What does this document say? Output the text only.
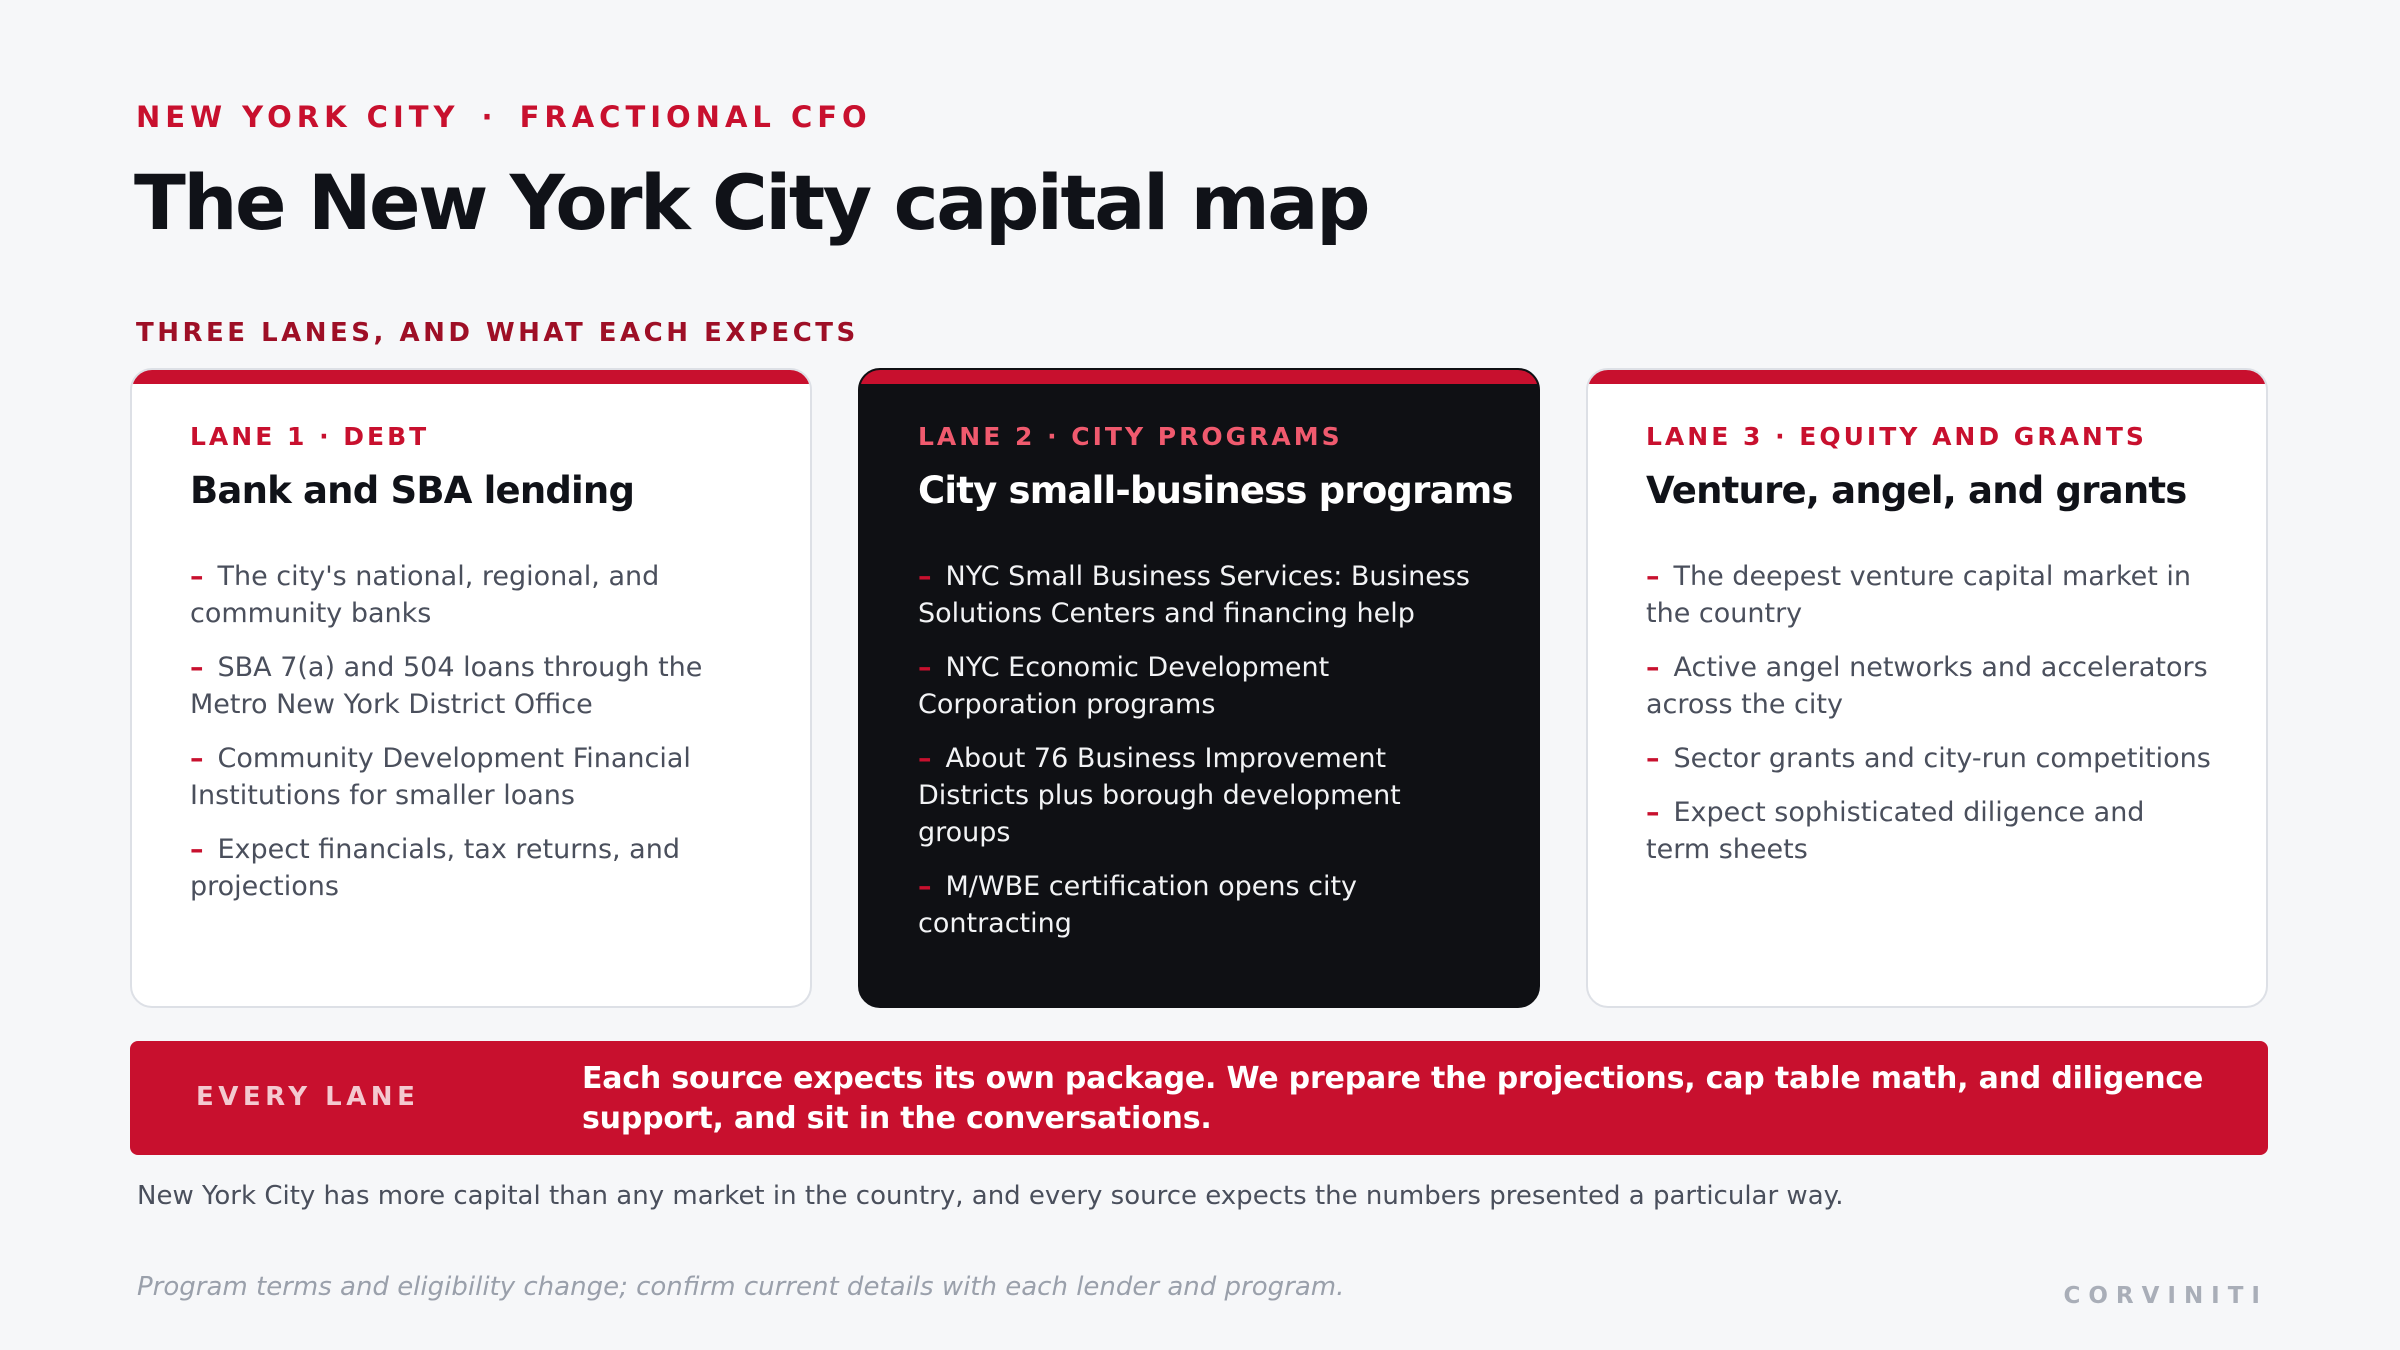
NEW YORK CITY · FRACTIONAL CFO
The New York City capital map
THREE LANES, AND WHAT EACH EXPECTS
LANE 1 · DEBT
Bank and SBA lending
– The city's national, regional, and community banks
– SBA 7(a) and 504 loans through the Metro New York District Office
– Community Development Financial Institutions for smaller loans
– Expect financials, tax returns, and projections
LANE 2 · CITY PROGRAMS
City small-business programs
– NYC Small Business Services: Business Solutions Centers and financing help
– NYC Economic Development Corporation programs
– About 76 Business Improvement Districts plus borough development groups
– M/WBE certification opens city contracting
LANE 3 · EQUITY AND GRANTS
Venture, angel, and grants
– The deepest venture capital market in the country
– Active angel networks and accelerators across the city
– Sector grants and city-run competitions
– Expect sophisticated diligence and term sheets
EVERY LANE
Each source expects its own package. We prepare the projections, cap table math, and diligence support, and sit in the conversations.
New York City has more capital than any market in the country, and every source expects the numbers presented a particular way.
Program terms and eligibility change; confirm current details with each lender and program.	CORVINITI
